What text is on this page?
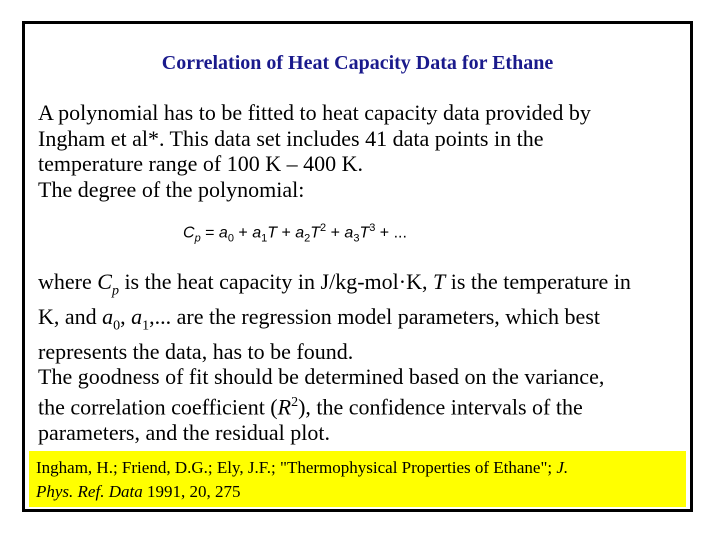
Correlation of Heat Capacity Data for Ethane
A polynomial has to be fitted to heat capacity data provided by
Ingham et al*. This data set includes 41 data points in the
temperature range of 100 K – 400 K.
The degree of the polynomial:
$C_p = a_0 + a_1T + a_2T^2 + a_3T^3$ + ...
where $C_p$ is the heat capacity in J/kg-mol·K, T is the temperature in
K, and $a_0$, $a_1$,... are the regression model parameters, which best
represents the data, has to be found.
The goodness of fit should be determined based on the variance,
the correlation coefficient $(R^2)$, the confidence intervals of the
parameters, and the residual plot.
Ingham, H.; Friend, D.G.; Ely, J.F.; "Thermophysical Properties of Ethane"; J.
Phys. Ref. Data 1991, 20, 275
